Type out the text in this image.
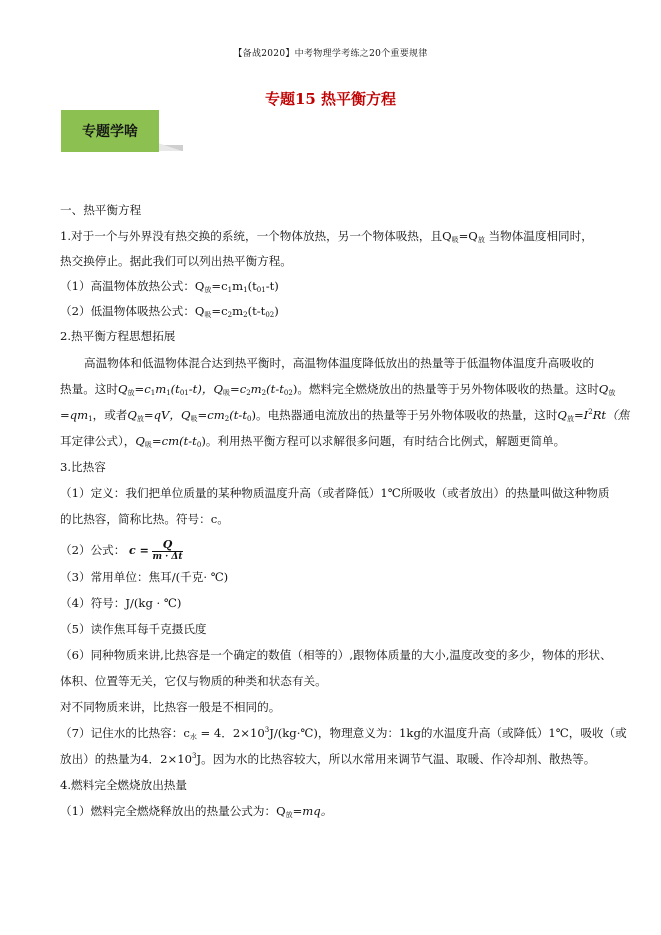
【备战2020】中考物理学考练之20个重要规律
专题15 热平衡方程
专题学啥
一、热平衡方程
1.对于一个与外界没有热交换的系统，一个物体放热，另一个物体吸热，且$Q_吸=Q_放$ 当物体温度相同时，
热交换停止。据此我们可以列出热平衡方程。
（1）高温物体放热公式：$Q_放=c_1m_1(t_{01}-t)$
（2）低温物体吸热公式：$Q_吸=c_2m_2(t-t_{02})$
2.热平衡方程思想拓展
高温物体和低温物体混合达到热平衡时，高温物体温度降低放出的热量等于低温物体温度升高吸收的
热量。这时$Q_放=c_1m_1(t_{01}-t)$，$Q_吸=c_2m_2(t-t_{02})$。燃料完全燃烧放出的热量等于另外物体吸收的热量。这时$Q_放$
$=qm_1$，或者$Q_放=qV$，$Q_吸=cm_2(t-t_0)$。电热器通电流放出的热量等于另外物体吸收的热量，这时$Q_放=I^2Rt$（焦
耳定律公式），$Q_吸=cm(t-t_0)$。利用热平衡方程可以求解很多问题，有时结合比例式，解题更简单。
3.比热容
（1）定义：我们把单位质量的某种物质温度升高（或者降低）1℃所吸收（或者放出）的热量叫做这种物质
的比热容，简称比热。符号：c。
（2）公式： $c = \frac{Q}{m \cdot \Delta t}$
（3）常用单位：焦耳/(千克· ℃)
（4）符号：J/(kg · ℃)
（5）读作焦耳每千克摄氏度
（6）同种物质来讲,比热容是一个确定的数值（相等的）,跟物体质量的大小,温度改变的多少，物体的形状、
体积、位置等无关，它仅与物质的种类和状态有关。
对不同物质来讲，比热容一般是不相同的。
（7）记住水的比热容：$c_水 = 4$．$2\times 10^3J/(kg\cdot℃)$，物理意义为：1kg的水温度升高（或降低）1℃，吸收（或
放出）的热量为4．$2\times 10^3J$。因为水的比热容较大，所以水常用来调节气温、取暖、作冷却剂、散热等。
4.燃料完全燃烧放出热量
（1）燃料完全燃烧释放出的热量公式为：$Q_放=mq$。
